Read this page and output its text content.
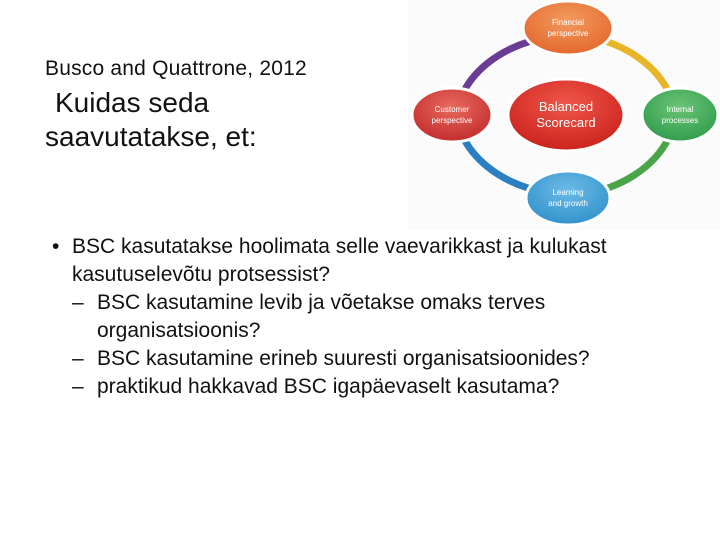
Busco and Quattrone, 2012
Kuidas seda
saavutatakse, et:
Financial
perspective
Customer
perspective
Internal
processes
Learning
and growth
Balanced
Scorecard
• BSC kasutatakse hoolimata selle vaevarikkast ja kulukast kasutuselevõtu protsessist?
– BSC kasutamine levib ja võetakse omaks terves organisatsioonis?
– BSC kasutamine erineb suuresti organisatsioonides?
– praktikud hakkavad BSC igapäevaselt kasutama?
